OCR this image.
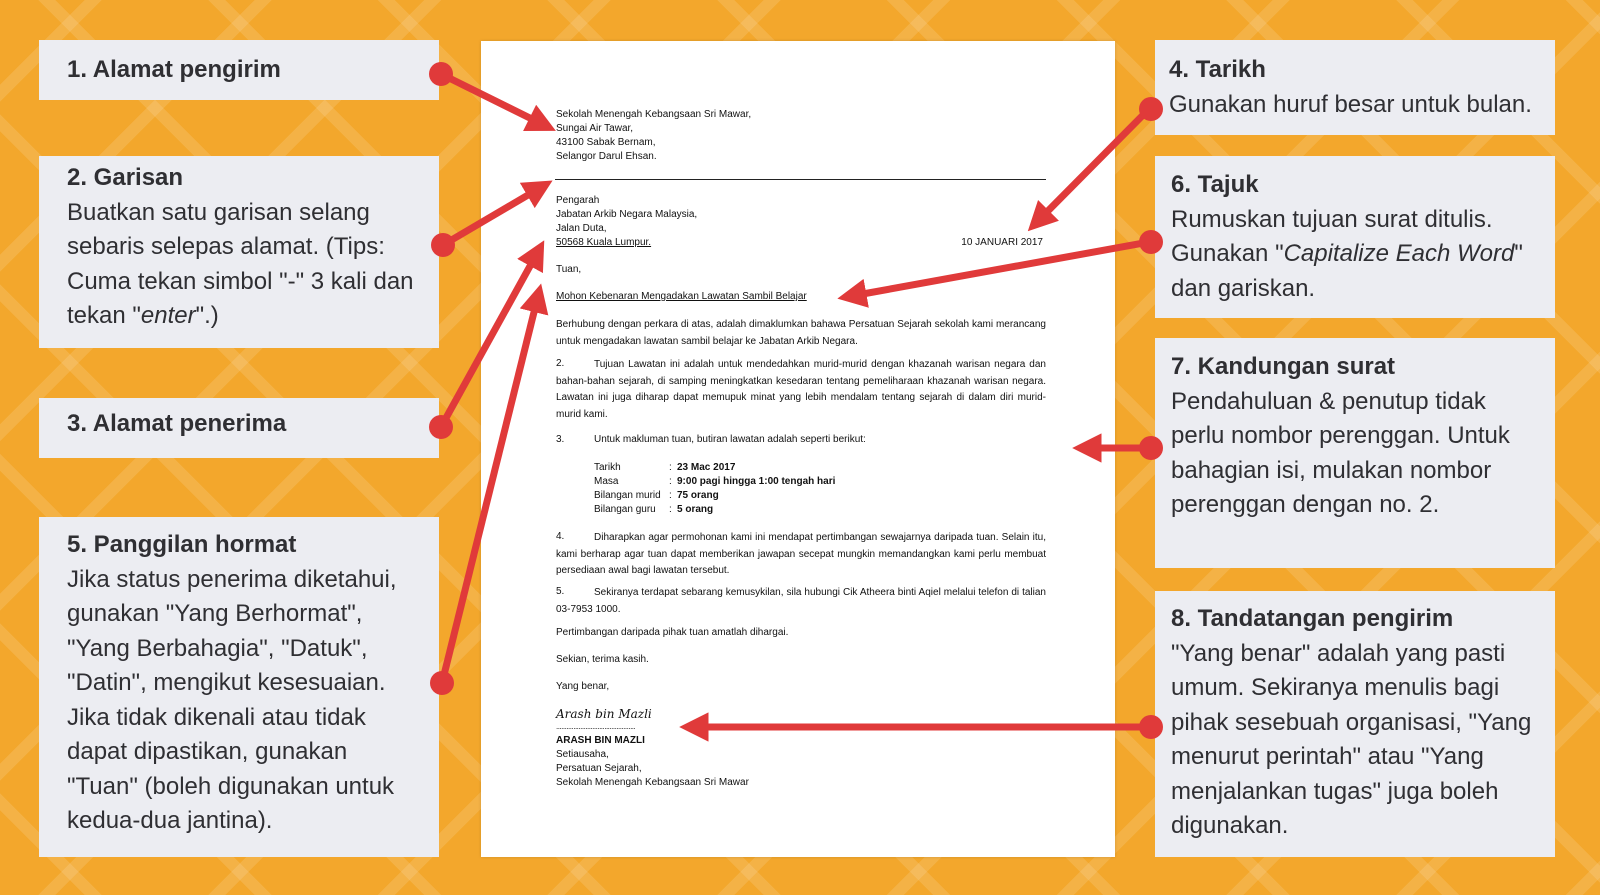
1. Alamat pengirim
2. Garisan
Buatkan satu garisan selang sebaris selepas alamat. (Tips: Cuma tekan simbol "-" 3 kali dan tekan "enter".)
3. Alamat penerima
5. Panggilan hormat
Jika status penerima diketahui, gunakan "Yang Berhormat", "Yang Berbahagia", "Datuk", "Datin", mengikut kesesuaian. Jika tidak dikenali atau tidak dapat dipastikan, gunakan "Tuan" (boleh digunakan untuk kedua-dua jantina).
4. Tarikh
Gunakan huruf besar untuk bulan.
6. Tajuk
Rumuskan tujuan surat ditulis. Gunakan "Capitalize Each Word" dan gariskan.
7. Kandungan surat
Pendahuluan & penutup tidak perlu nombor perenggan. Untuk bahagian isi, mulakan nombor perenggan dengan no. 2.
8. Tandatangan pengirim
"Yang benar" adalah yang pasti umum. Sekiranya menulis bagi pihak sesebuah organisasi, "Yang menurut perintah" atau "Yang menjalankan tugas" juga boleh digunakan.
Sekolah Menengah Kebangsaan Sri Mawar,
Sungai Air Tawar,
43100 Sabak Bernam,
Selangor Darul Ehsan.
Pengarah
Jabatan Arkib Negara Malaysia,
Jalan Duta,
50568 Kuala Lumpur.	10 JANUARI 2017
Tuan,
Mohon Kebenaran Mengadakan Lawatan Sambil Belajar
Berhubung dengan perkara di atas, adalah dimaklumkan bahawa Persatuan Sejarah sekolah kami merancang untuk mengadakan lawatan sambil belajar ke Jabatan Arkib Negara.
2.	Tujuan Lawatan ini adalah untuk mendedahkan murid-murid dengan khazanah warisan negara dan bahan-bahan sejarah, di samping meningkatkan kesedaran tentang pemeliharaan khazanah warisan negara. Lawatan ini juga diharap dapat memupuk minat yang lebih mendalam tentang sejarah di dalam diri murid-murid kami.
3.	Untuk makluman tuan, butiran lawatan adalah seperti berikut:
Tarikh	: 23 Mac 2017
Masa	: 9:00 pagi hingga 1:00 tengah hari
Bilangan murid : 75 orang
Bilangan guru : 5 orang
4.	Diharapkan agar permohonan kami ini mendapat pertimbangan sewajarnya daripada tuan. Selain itu, kami berharap agar tuan dapat memberikan jawapan secepat mungkin memandangkan kami perlu membuat persediaan awal bagi lawatan tersebut.
5.	Sekiranya terdapat sebarang kemusykilan, sila hubungi Cik Atheera binti Aqiel melalui telefon di talian 03-7953 1000.
Pertimbangan daripada pihak tuan amatlah dihargai.
Sekian, terima kasih.
Yang benar,
Arash bin Mazli
..............................................
ARASH BIN MAZLI
Setiausaha,
Persatuan Sejarah,
Sekolah Menengah Kebangsaan Sri Mawar
